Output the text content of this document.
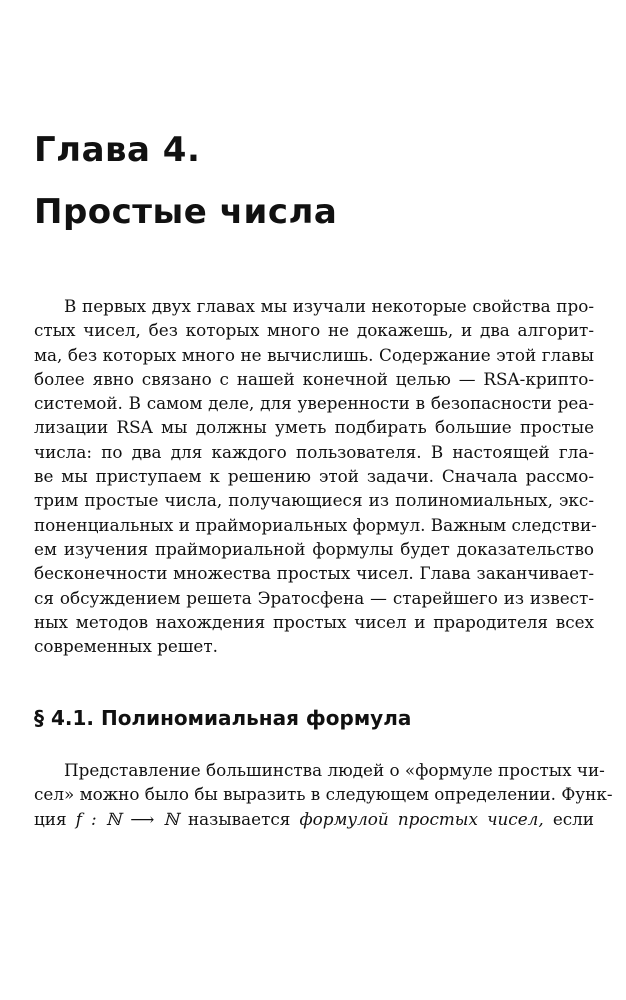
Глава 4.
Простые числа
В первых двух главах мы изучали некоторые свойства про-
стых чисел, без которых много не докажешь, и два алгорит-
ма, без которых много не вычислишь. Содержание этой главы
более явно связано с нашей конечной целью — RSA-крипто-
системой. В самом деле, для уверенности в безопасности реа-
лизации RSA мы должны уметь подбирать большие простые
числа: по два для каждого пользователя. В настоящей гла-
ве мы приступаем к решению этой задачи. Сначала рассмо-
трим простые числа, получающиеся из полиномиальных, экс-
поненциальных и праймориальных формул. Важным следстви-
ем изучения праймориальной формулы будет доказательство
бесконечности множества простых чисел. Глава заканчивает-
ся обсуждением решета Эратосфена — старейшего из извест-
ных методов нахождения простых чисел и прародителя всех
современных решет.
§ 4.1. Полиномиальная формула
Представление большинства людей о «формуле простых чи-
сел» можно было бы выразить в следующем определении. Функ-
ция f : ℕ ⟶ ℕ называется формулой простых чисел, если
